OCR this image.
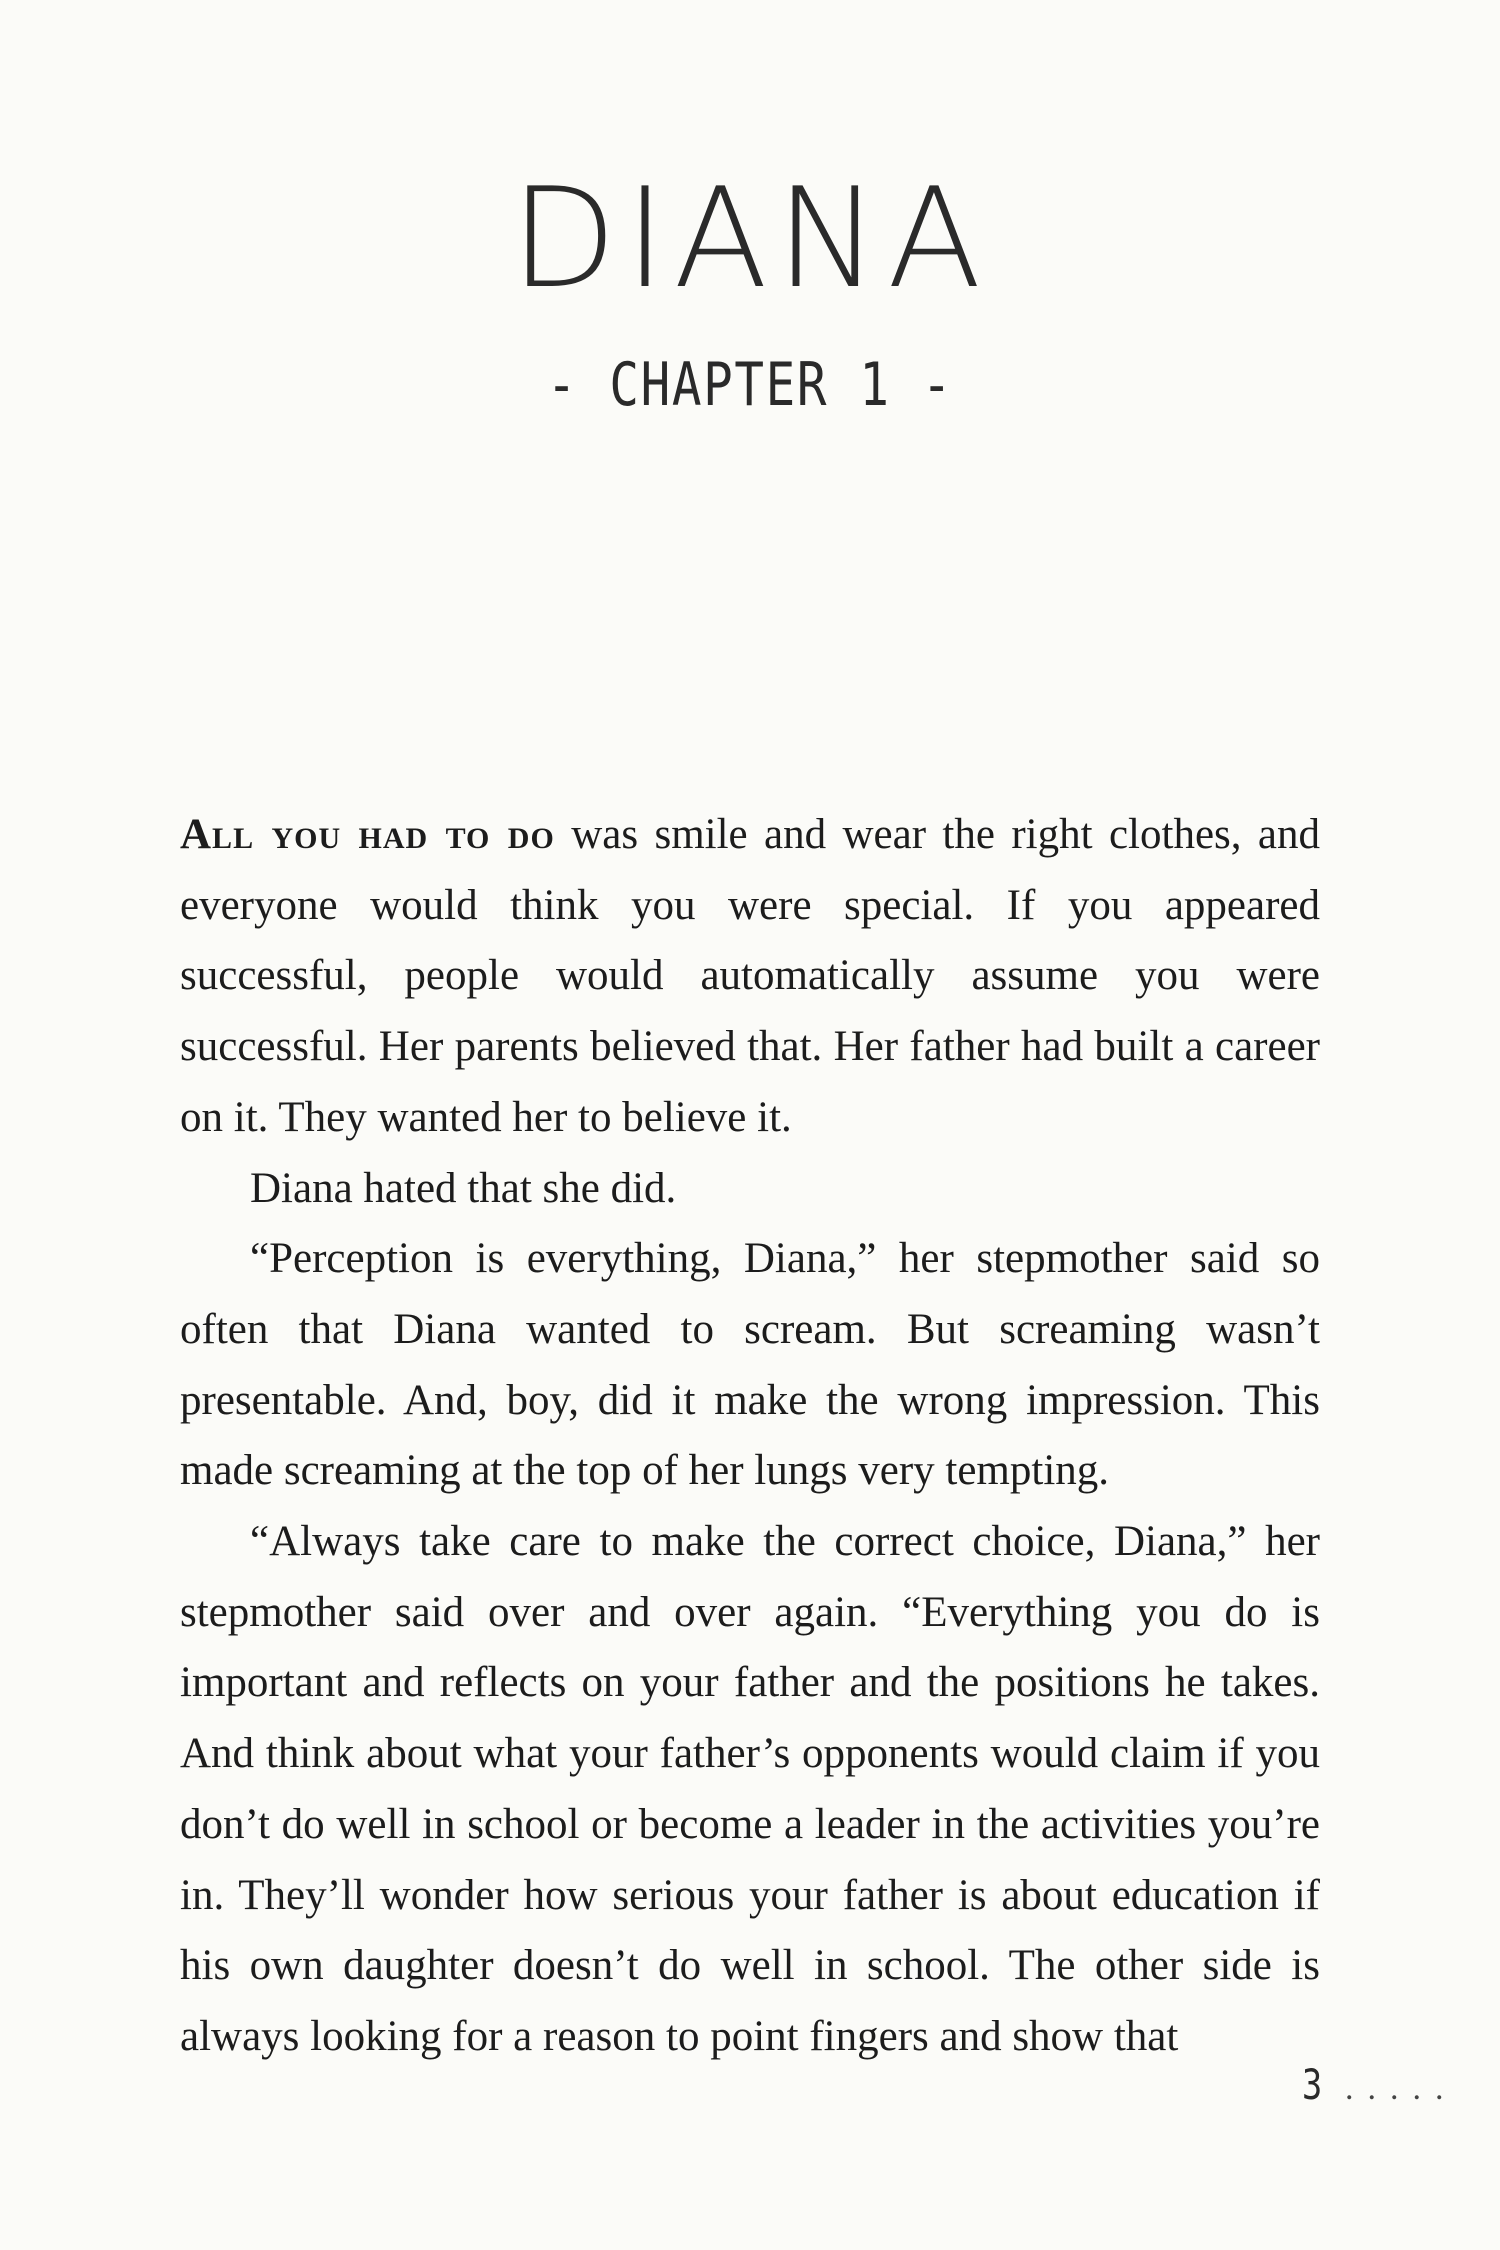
DIANA
- CHAPTER 1 -

All you had to do was smile and wear the right clothes, and everyone would think you were special. If you appeared successful, people would automatically assume you were successful. Her parents believed that. Her father had built a career on it. They wanted her to believe it.

Diana hated that she did.

“Perception is everything, Diana,” her stepmother said so often that Diana wanted to scream. But screaming wasn’t presentable. And, boy, did it make the wrong impression. This made screaming at the top of her lungs very tempting.

“Always take care to make the correct choice, Diana,” her stepmother said over and over again. “Everything you do is important and reflects on your father and the positions he takes. And think about what your father’s opponents would claim if you don’t do well in school or become a leader in the activities you’re in. They’ll wonder how serious your father is about education if his own daughter doesn’t do well in school. The other side is always looking for a reason to point fingers and show that

3 .....
